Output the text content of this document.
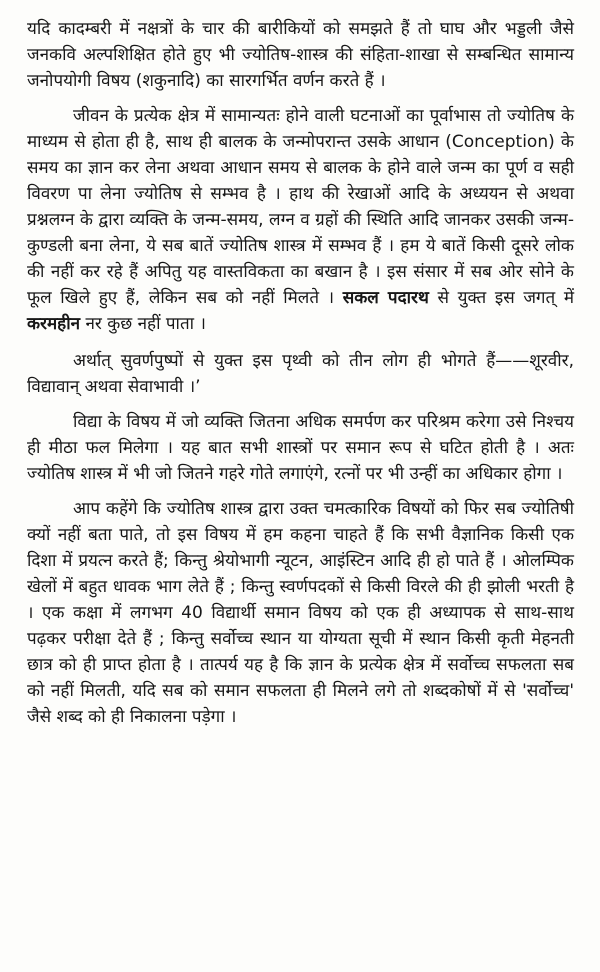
यदि कादम्बरी में नक्षत्रों के चार की बारीकियों को समझते हैं तो घाघ और भड्डली जैसे जनकवि अल्पशिक्षित होते हुए भी ज्योतिष-शास्त्र की संहिता-शाखा से सम्बन्धित सामान्य जनोपयोगी विषय (शकुनादि) का सारगर्भित वर्णन करते हैं ।

जीवन के प्रत्येक क्षेत्र में सामान्यतः होने वाली घटनाओं का पूर्वाभास तो ज्योतिष के माध्यम से होता ही है, साथ ही बालक के जन्मोपरान्त उसके आधान (Conception) के समय का ज्ञान कर लेना अथवा आधान समय से बालक के होने वाले जन्म का पूर्ण व सही विवरण पा लेना ज्योतिष से सम्भव है । हाथ की रेखाओं आदि के अध्ययन से अथवा प्रश्नलग्न के द्वारा व्यक्ति के जन्म-समय, लग्न व ग्रहों की स्थिति आदि जानकर उसकी जन्म-कुण्डली बना लेना, ये सब बातें ज्योतिष शास्त्र में सम्भव हैं । हम ये बातें किसी दूसरे लोक की नहीं कर रहे हैं अपितु यह वास्तविकता का बखान है । इस संसार में सब ओर सोने के फूल खिले हुए हैं, लेकिन सब को नहीं मिलते । सकल पदारथ से युक्त इस जगत् में करमहीन नर कुछ नहीं पाता ।

अर्थात् सुवर्णपुष्पों से युक्त इस पृथ्वी को तीन लोग ही भोगते हैं——शूरवीर, विद्यावान् अथवा सेवाभावी ।’

विद्या के विषय में जो व्यक्ति जितना अधिक समर्पण कर परिश्रम करेगा उसे निश्चय ही मीठा फल मिलेगा । यह बात सभी शास्त्रों पर समान रूप से घटित होती है । अतः ज्योतिष शास्त्र में भी जो जितने गहरे गोते लगाएंगे, रत्नों पर भी उन्हीं का अधिकार होगा ।

आप कहेंगे कि ज्योतिष शास्त्र द्वारा उक्त चमत्कारिक विषयों को फिर सब ज्योतिषी क्यों नहीं बता पाते, तो इस विषय में हम कहना चाहते हैं कि सभी वैज्ञानिक किसी एक दिशा में प्रयत्न करते हैं; किन्तु श्रेयोभागी न्यूटन, आइंस्टिन आदि ही हो पाते हैं । ओलम्पिक खेलों में बहुत धावक भाग लेते हैं ; किन्तु स्वर्णपदकों से किसी विरले की ही झोली भरती है । एक कक्षा में लगभग 40 विद्यार्थी समान विषय को एक ही अध्यापक से साथ-साथ पढ़कर परीक्षा देते हैं ; किन्तु सर्वोच्च स्थान या योग्यता सूची में स्थान किसी कृती मेहनती छात्र को ही प्राप्त होता है । तात्पर्य यह है कि ज्ञान के प्रत्येक क्षेत्र में सर्वोच्च सफलता सब को नहीं मिलती, यदि सब को समान सफलता ही मिलने लगे तो शब्दकोषों में से 'सर्वोच्च' जैसे शब्द को ही निकालना पड़ेगा ।
